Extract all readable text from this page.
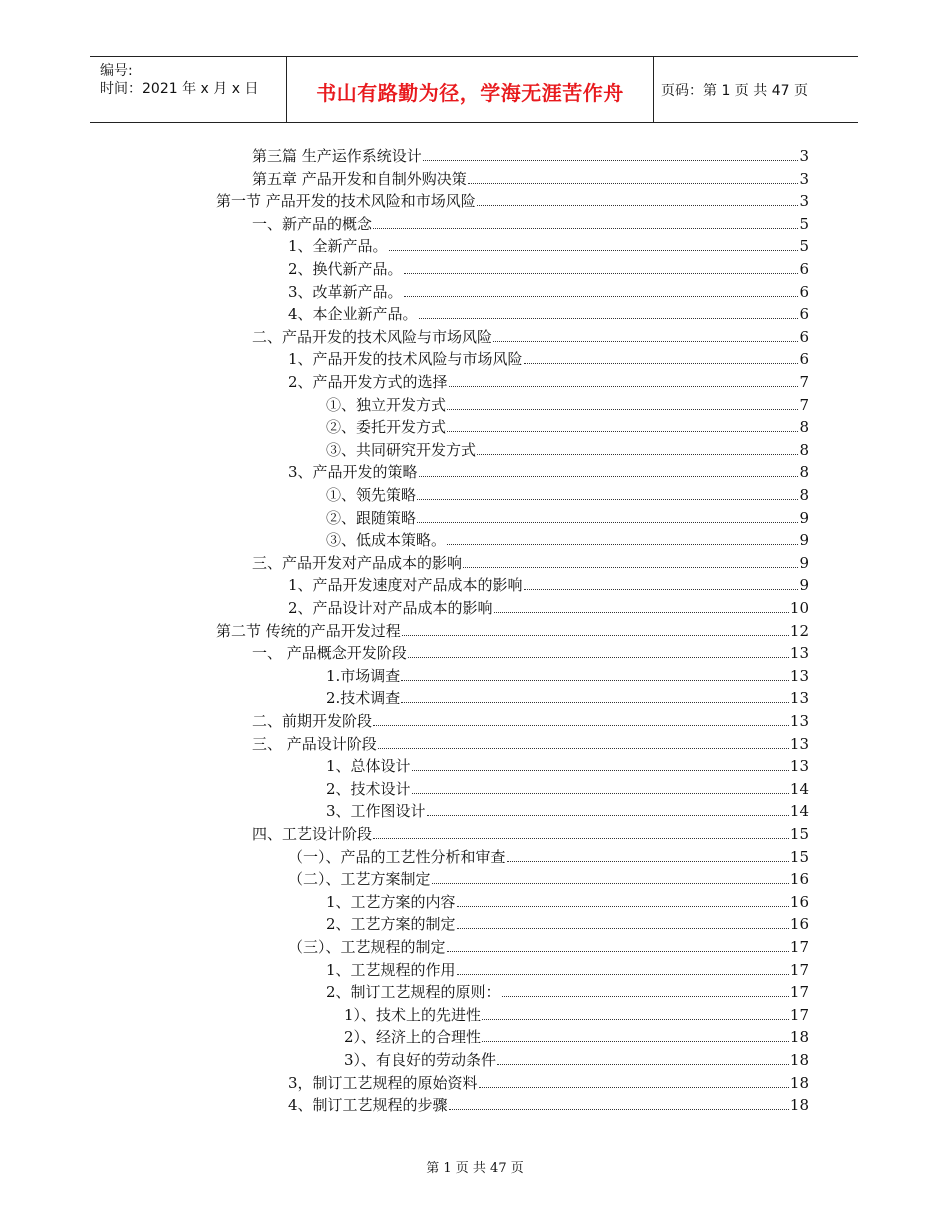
编号:
时间：2021 年 x 月 x 日	书山有路勤为径，学海无涯苦作舟	页码：第 1 页 共 47 页
第三篇 生产运作系统设计	3
第五章 产品开发和自制外购决策	3
第一节 产品开发的技术风险和市场风险	3
一、新产品的概念	5
1、全新产品。	5
2、换代新产品。	6
3、改革新产品。	6
4、本企业新产品。	6
二、产品开发的技术风险与市场风险	6
1、产品开发的技术风险与市场风险	6
2、产品开发方式的选择	7
①、独立开发方式	7
②、委托开发方式	8
③、共同研究开发方式	8
3、产品开发的策略	8
①、领先策略	8
②、跟随策略	9
③、低成本策略。	9
三、产品开发对产品成本的影响	9
1、产品开发速度对产品成本的影响	9
2、产品设计对产品成本的影响	10
第二节 传统的产品开发过程	12
一、 产品概念开发阶段	13
1.市场调查	13
2.技术调查	13
二、前期开发阶段	13
三、 产品设计阶段	13
1、总体设计	13
2、技术设计	14
3、工作图设计	14
四、工艺设计阶段	15
（一）、产品的工艺性分析和审查	15
（二）、工艺方案制定	16
1、工艺方案的内容	16
2、工艺方案的制定	16
（三）、工艺规程的制定	17
1、工艺规程的作用	17
2、制订工艺规程的原则：	17
1）、技术上的先进性	17
2）、经济上的合理性	18
3）、有良好的劳动条件	18
3，制订工艺规程的原始资料	18
4、制订工艺规程的步骤	18
第 1 页 共 47 页
